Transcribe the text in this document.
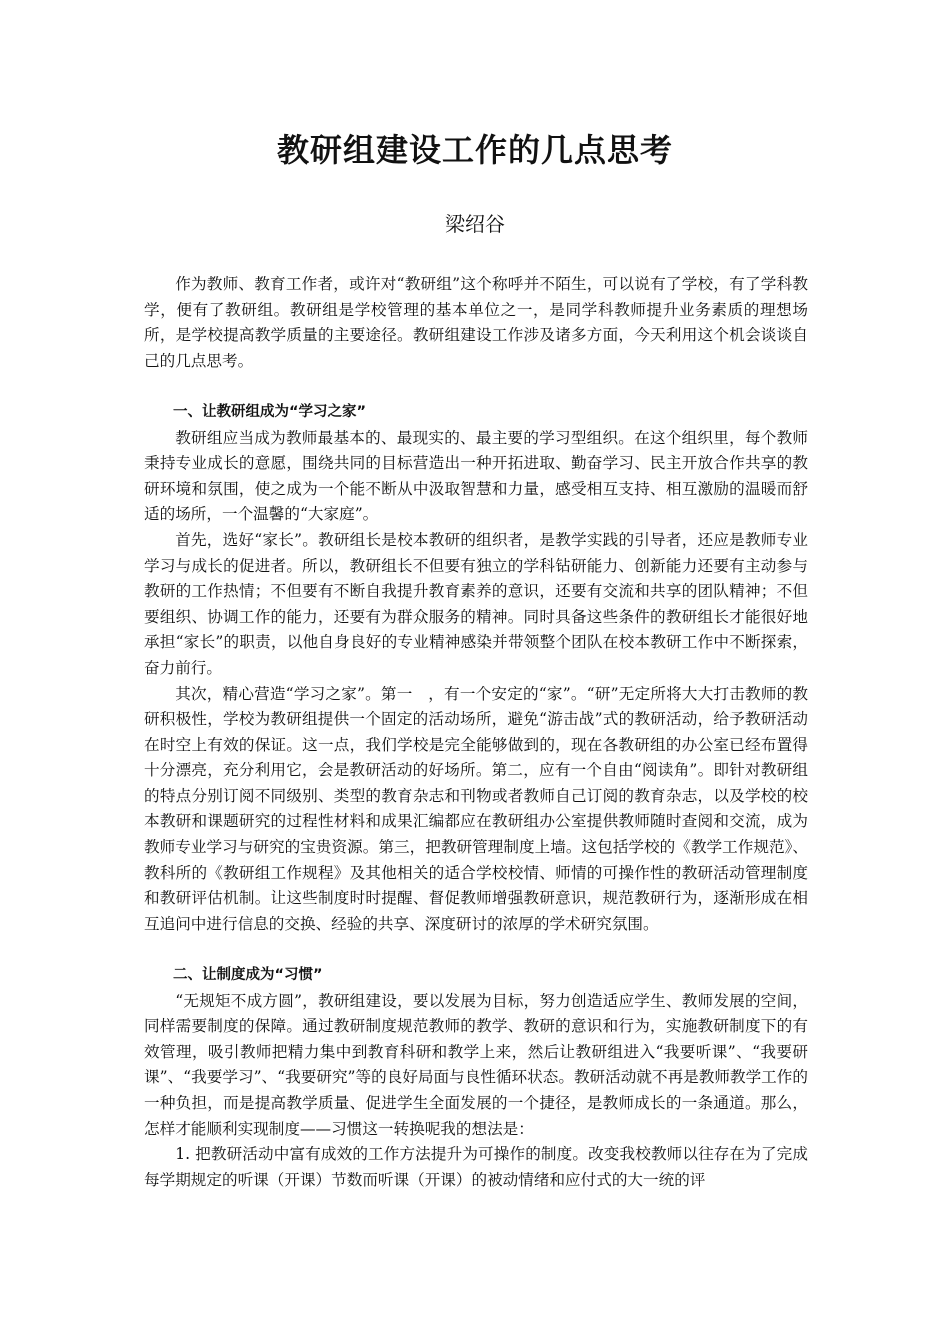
教研组建设工作的几点思考
梁绍谷

作为教师、教育工作者，或许对“教研组”这个称呼并不陌生，可以说有了学校，有了学科教学，便有了教研组。教研组是学校管理的基本单位之一，是同学科教师提升业务素质的理想场所，是学校提高教学质量的主要途径。教研组建设工作涉及诸多方面，今天利用这个机会谈谈自己的几点思考。

一、让教研组成为“学习之家”

教研组应当成为教师最基本的、最现实的、最主要的学习型组织。在这个组织里，每个教师秉持专业成长的意愿，围绕共同的目标营造出一种开拓进取、勤奋学习、民主开放合作共享的教研环境和氛围，使之成为一个能不断从中汲取智慧和力量，感受相互支持、相互激励的温暖而舒适的场所，一个温馨的“大家庭”。

首先，选好“家长”。教研组长是校本教研的组织者，是教学实践的引导者，还应是教师专业学习与成长的促进者。所以，教研组长不但要有独立的学科钻研能力、创新能力还要有主动参与教研的工作热情；不但要有不断自我提升教育素养的意识，还要有交流和共享的团队精神；不但要组织、协调工作的能力，还要有为群众服务的精神。同时具备这些条件的教研组长才能很好地承担“家长”的职责，以他自身良好的专业精神感染并带领整个团队在校本教研工作中不断探索，奋力前行。

其次，精心营造“学习之家”。第一　，有一个安定的“家”。“研”无定所将大大打击教师的教研积极性，学校为教研组提供一个固定的活动场所，避免“游击战”式的教研活动，给予教研活动在时空上有效的保证。这一点，我们学校是完全能够做到的，现在各教研组的办公室已经布置得十分漂亮，充分利用它，会是教研活动的好场所。第二，应有一个自由“阅读角”。即针对教研组的特点分别订阅不同级别、类型的教育杂志和刊物或者教师自己订阅的教育杂志，以及学校的校本教研和课题研究的过程性材料和成果汇编都应在教研组办公室提供教师随时查阅和交流，成为教师专业学习与研究的宝贵资源。第三，把教研管理制度上墙。这包括学校的《教学工作规范》、教科所的《教研组工作规程》及其他相关的适合学校校情、师情的可操作性的教研活动管理制度和教研评估机制。让这些制度时时提醒、督促教师增强教研意识，规范教研行为，逐渐形成在相互追问中进行信息的交换、经验的共享、深度研讨的浓厚的学术研究氛围。

二、让制度成为“习惯”

“无规矩不成方圆”，教研组建设，要以发展为目标，努力创造适应学生、教师发展的空间，同样需要制度的保障。通过教研制度规范教师的教学、教研的意识和行为，实施教研制度下的有效管理，吸引教师把精力集中到教育科研和教学上来，然后让教研组进入“我要听课”、“我要研课”、“我要学习”、“我要研究”等的良好局面与良性循环状态。教研活动就不再是教师教学工作的一种负担，而是提高教学质量、促进学生全面发展的一个捷径，是教师成长的一条通道。那么，怎样才能顺利实现制度——习惯这一转换呢我的想法是：

1. 把教研活动中富有成效的工作方法提升为可操作的制度。改变我校教师以往存在为了完成每学期规定的听课（开课）节数而听课（开课）的被动情绪和应付式的大一统的评
